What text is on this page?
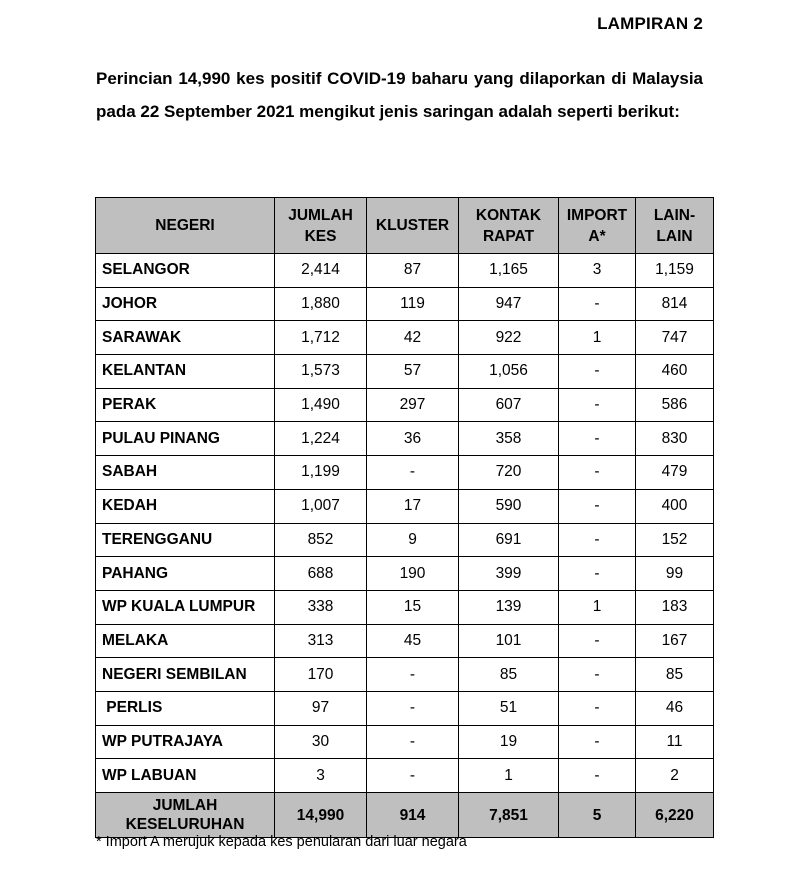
LAMPIRAN 2
Perincian 14,990 kes positif COVID-19 baharu yang dilaporkan di Malaysia pada 22 September 2021 mengikut jenis saringan adalah seperti berikut:
NEGERI	JUMLAH KES	KLUSTER	KONTAK RAPAT	IMPORT A*	LAIN-LAIN
SELANGOR	2,414	87	1,165	3	1,159
JOHOR	1,880	119	947	-	814
SARAWAK	1,712	42	922	1	747
KELANTAN	1,573	57	1,056	-	460
PERAK	1,490	297	607	-	586
PULAU PINANG	1,224	36	358	-	830
SABAH	1,199	-	720	-	479
KEDAH	1,007	17	590	-	400
TERENGGANU	852	9	691	-	152
PAHANG	688	190	399	-	99
WP KUALA LUMPUR	338	15	139	1	183
MELAKA	313	45	101	-	167
NEGERI SEMBILAN	170	-	85	-	85
PERLIS	97	-	51	-	46
WP PUTRAJAYA	30	-	19	-	11
WP LABUAN	3	-	1	-	2
JUMLAH KESELURUHAN	14,990	914	7,851	5	6,220
* Import A merujuk kepada kes penularan dari luar negara
